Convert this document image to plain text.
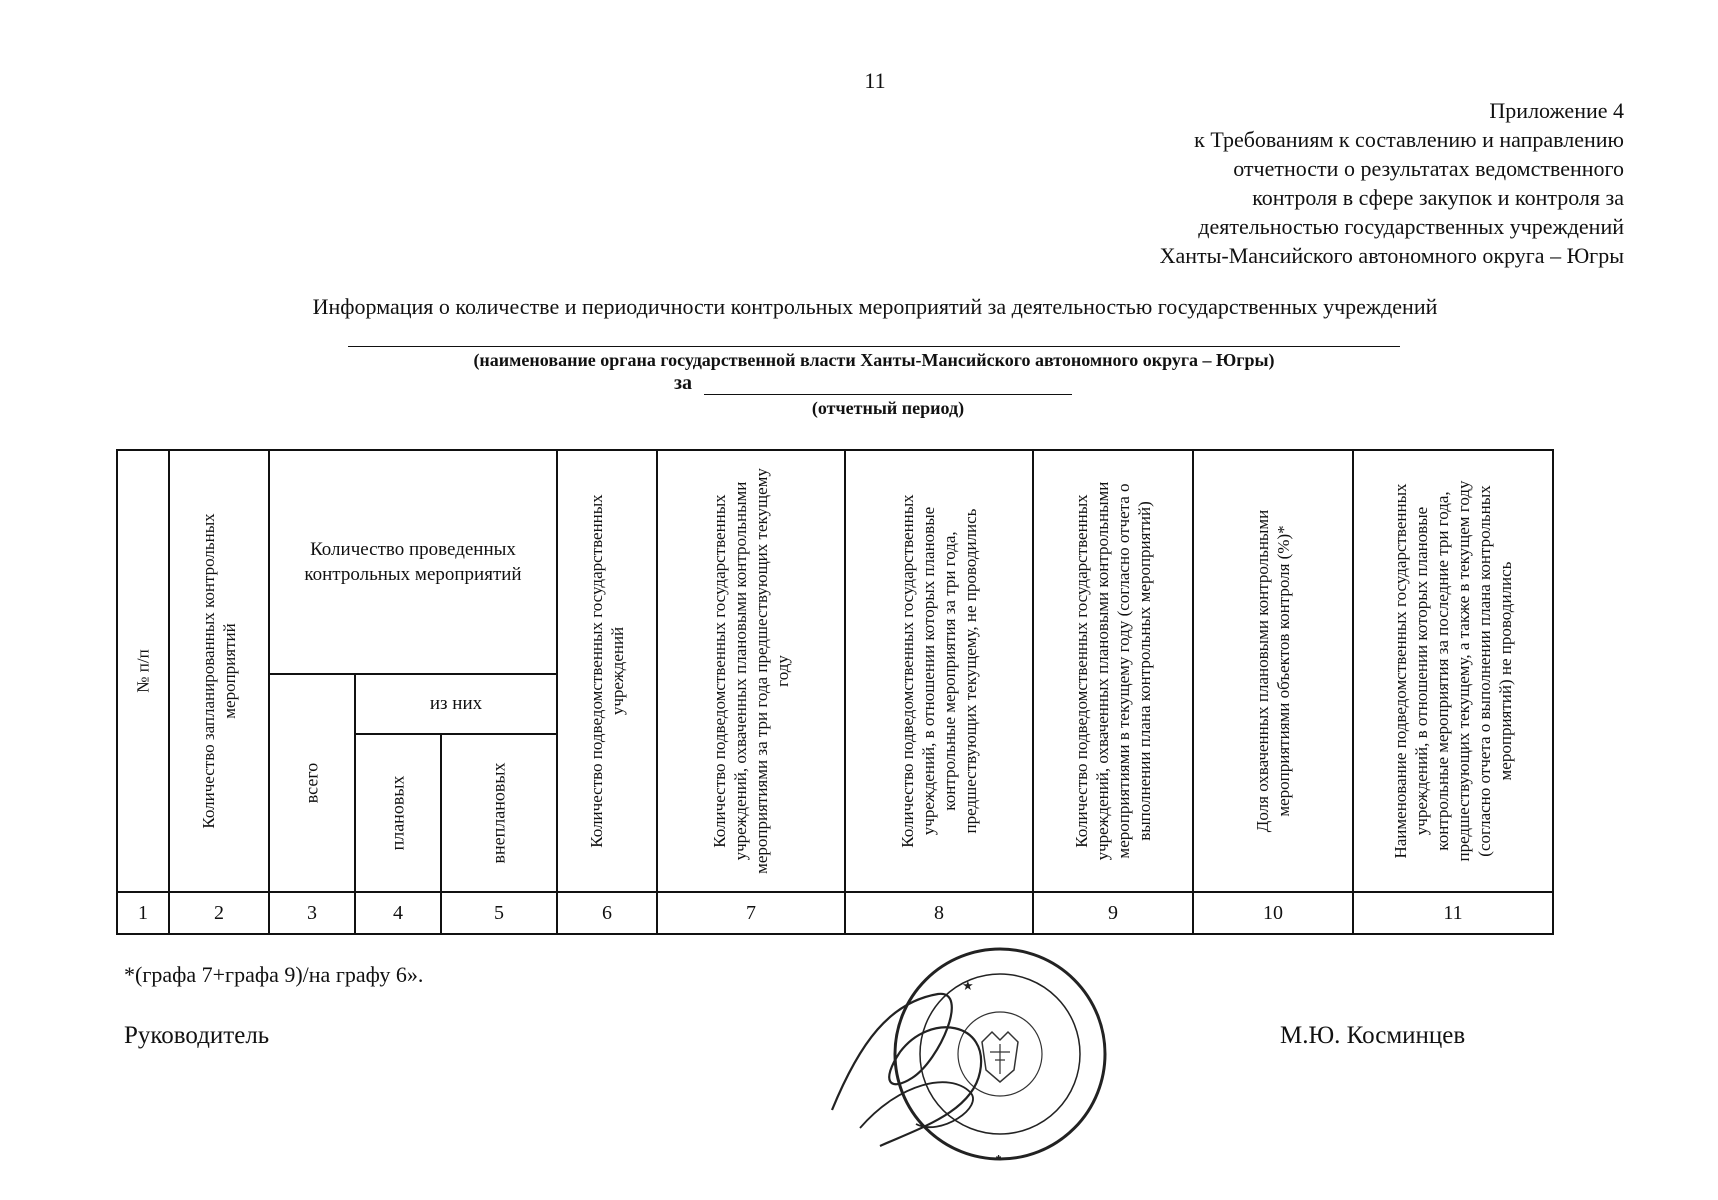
11
Приложение 4
к Требованиям к составлению и направлению
отчетности о результатах ведомственного
контроля в сфере закупок и контроля за
деятельностью государственных учреждений
Ханты-Мансийского автономного округа – Югры
Информация о количестве и периодичности контрольных мероприятий за деятельностью государственных учреждений
(наименование органа государственной власти Ханты-Мансийского автономного округа – Югры)
за
(отчетный период)
№ п/п	Количество запланированных контрольных мероприятий	Количество проведенных контрольных мероприятий			Количество подведомственных государственных учреждений	Количество подведомственных государственных учреждений, охваченных плановыми контрольными мероприятиями за три года предшествующих текущему году	Количество подведомственных государственных учреждений, в отношении которых плановые контрольные мероприятия за три года, предшествующих текущему, не проводились	Количество подведомственных государственных учреждений, охваченных плановыми контрольными мероприятиями в текущему году (согласно отчета о выполнении плана контрольных мероприятий)	Доля охваченных плановыми контрольными мероприятиями объектов контроля (%)*	Наименование подведомственных государственных учреждений, в отношении которых плановые контрольные мероприятия за последние три года, предшествующих текущему, а также в текущем году (согласно отчета о выполнении плана контрольных мероприятий) не проводились

		всего	из них							

			плановых	внеплановых						

1	2	3	4	5	6	7	8	9	10	11
*(графа 7+графа 9)/на графу 6».
Руководитель
★
*
М.Ю. Косминцев
